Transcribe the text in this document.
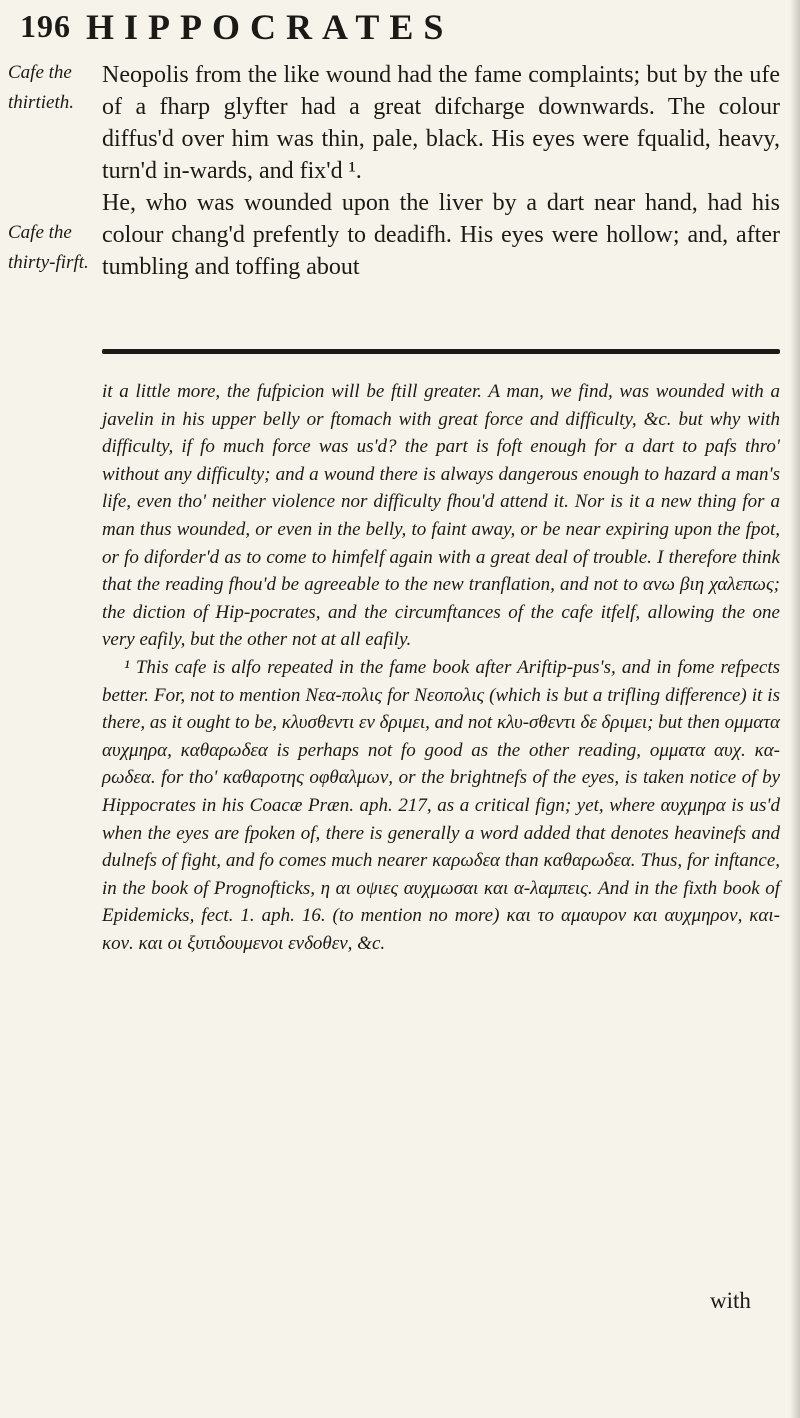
196 HIPPOCRATES
Cafe the thirtieth.
Cafe the thirty-firft.

Neopolis from the like wound had the fame complaints; but by the ufe of a fharp glyfter had a great difcharge downwards. The colour diffus'd over him was thin, pale, black. His eyes were fqualid, heavy, turn'd in-wards, and fix'd ¹.

He, who was wounded upon the liver by a dart near hand, had his colour chang'd prefently to deadifh. His eyes were hollow; and, after tumbling and toffing about

it a little more, the fufpicion will be ftill greater. A man, we find, was wounded with a javelin in his upper belly or ftomach with great force and difficulty, &c. but why with difficulty, if fo much force was us'd? the part is foft enough for a dart to pafs thro' without any difficulty; and a wound there is always dangerous enough to hazard a man's life, even tho' neither violence nor difficulty fhou'd attend it. Nor is it a new thing for a man thus wounded, or even in the belly, to faint away, or be near expiring upon the fpot, or fo diforder'd as to come to himfelf again with a great deal of trouble. I therefore think that the reading fhou'd be agreeable to the new tranflation, and not to ανω βιη χαλεπως; the diction of Hip-pocrates, and the circumftances of the cafe itfelf, allowing the one very eafily, but the other not at all eafily.

¹ This cafe is alfo repeated in the fame book after Ariftip-pus's, and in fome refpects better. For, not to mention Νεα-πολις for Νεοπολις (which is but a trifling difference) it is there, as it ought to be, κλυσθεντι εν δριμει, and not κλυ-σθεντι δε δριμει; but then ομματα αυχμηρα, καθαρωδεα is perhaps not fo good as the other reading, ομματα αυχ. κα-ρωδεα. for tho' καθαροτης οφθαλμων, or the brightnefs of the eyes, is taken notice of by Hippocrates in his Coacæ Præn. aph. 217, as a critical fign; yet, where αυχμηρα is us'd when the eyes are fpoken of, there is generally a word added that denotes heavinefs and dulnefs of fight, and fo comes much nearer καρωδεα than καθαρωδεα. Thus, for inftance, in the book of Prognofticks, η αι οψιες αυχμωσαι και α-λαμπεις. And in the fixth book of Epidemicks, fect. 1. aph. 16. (to mention no more) και το αμαυρον και αυχμηρον, και-κον. και οι ξυτιδουμενοι ενδοθεν, &c.

with
